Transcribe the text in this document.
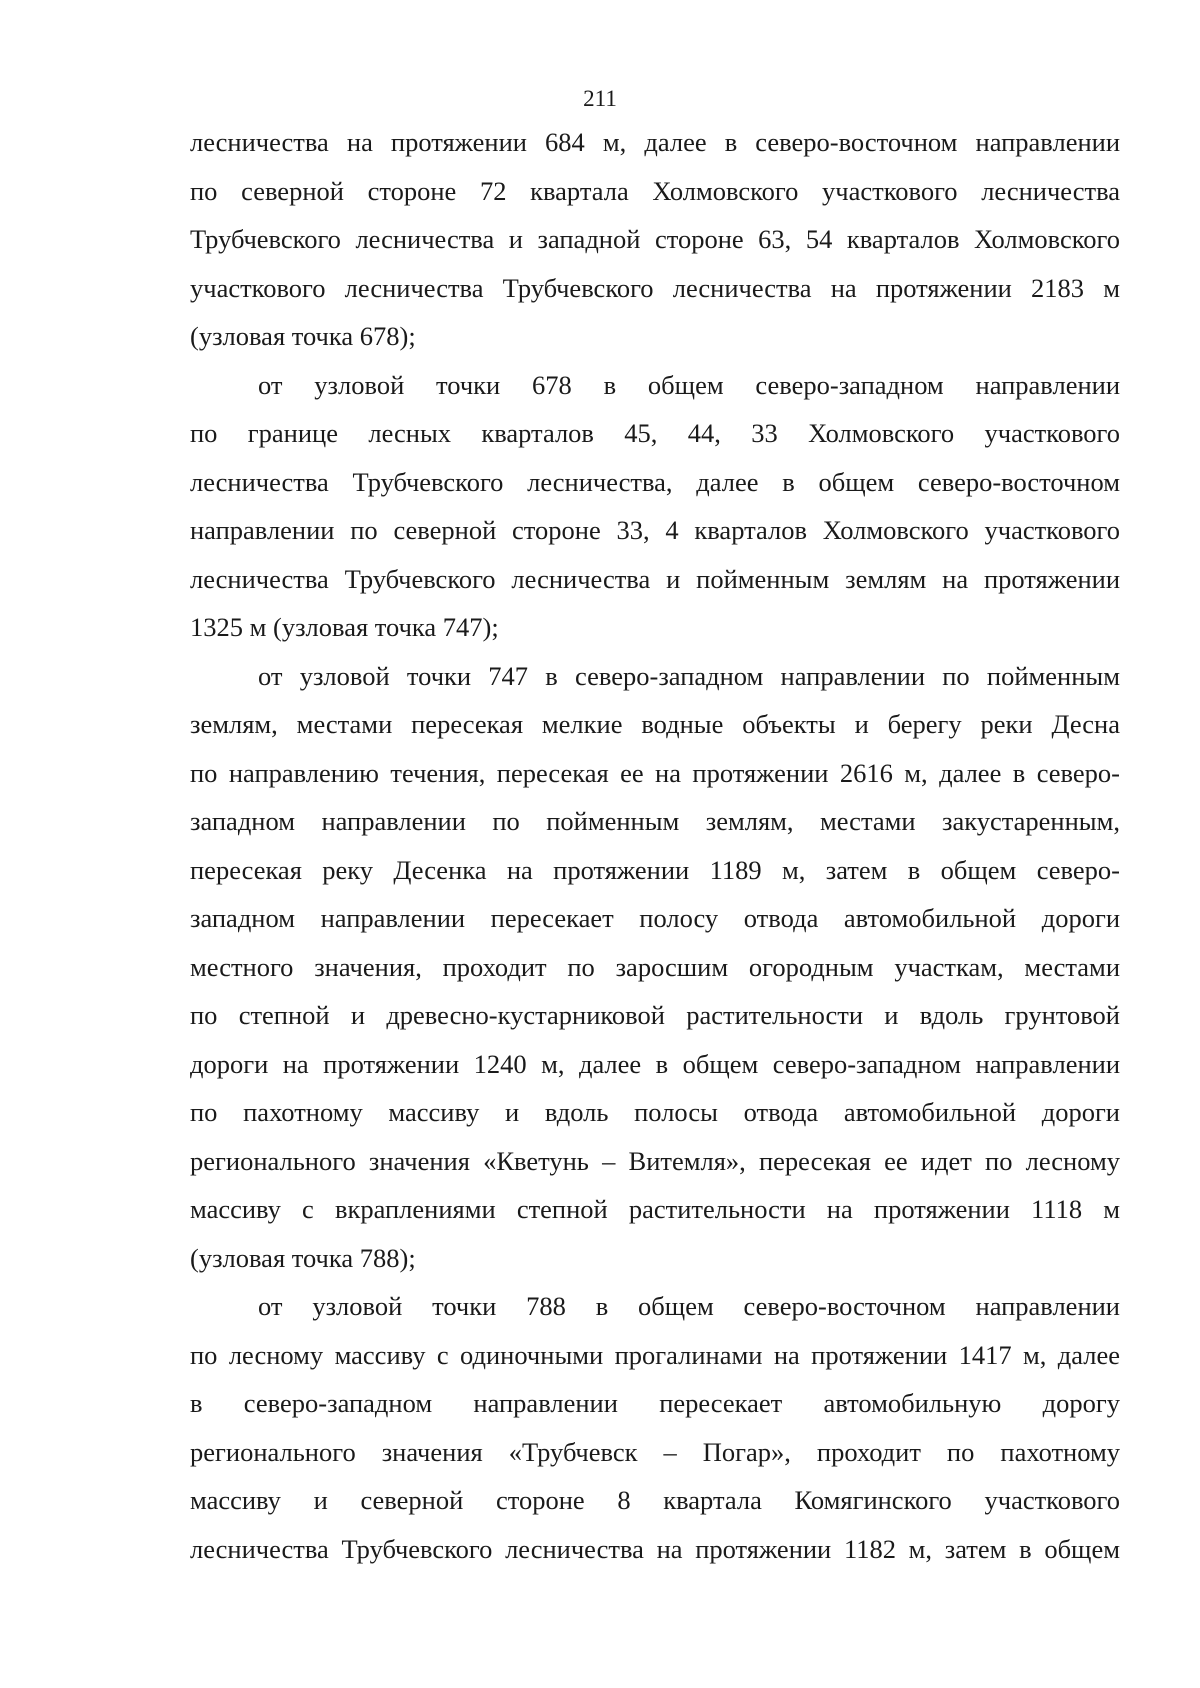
211
лесничества на протяжении 684 м, далее в северо-восточном направлении
по северной стороне 72 квартала Холмовского участкового лесничества
Трубчевского лесничества и западной стороне 63, 54 кварталов Холмовского
участкового лесничества Трубчевского лесничества на протяжении 2183 м
(узловая точка 678);
от узловой точки 678 в общем северо-западном направлении
по границе лесных кварталов 45, 44, 33 Холмовского участкового
лесничества Трубчевского лесничества, далее в общем северо-восточном
направлении по северной стороне 33, 4 кварталов Холмовского участкового
лесничества Трубчевского лесничества и пойменным землям на протяжении
1325 м (узловая точка 747);
от узловой точки 747 в северо-западном направлении по пойменным
землям, местами пересекая мелкие водные объекты и берегу реки Десна
по направлению течения, пересекая ее на протяжении 2616 м, далее в северо-
западном направлении по пойменным землям, местами закустаренным,
пересекая реку Десенка на протяжении 1189 м, затем в общем северо-
западном направлении пересекает полосу отвода автомобильной дороги
местного значения, проходит по заросшим огородным участкам, местами
по степной и древесно-кустарниковой растительности и вдоль грунтовой
дороги на протяжении 1240 м, далее в общем северо-западном направлении
по пахотному массиву и вдоль полосы отвода автомобильной дороги
регионального значения «Кветунь – Витемля», пересекая ее идет по лесному
массиву с вкраплениями степной растительности на протяжении 1118 м
(узловая точка 788);
от узловой точки 788 в общем северо-восточном направлении
по лесному массиву с одиночными прогалинами на протяжении 1417 м, далее
в северо-западном направлении пересекает автомобильную дорогу
регионального значения «Трубчевск – Погар», проходит по пахотному
массиву и северной стороне 8 квартала Комягинского участкового
лесничества Трубчевского лесничества на протяжении 1182 м, затем в общем
